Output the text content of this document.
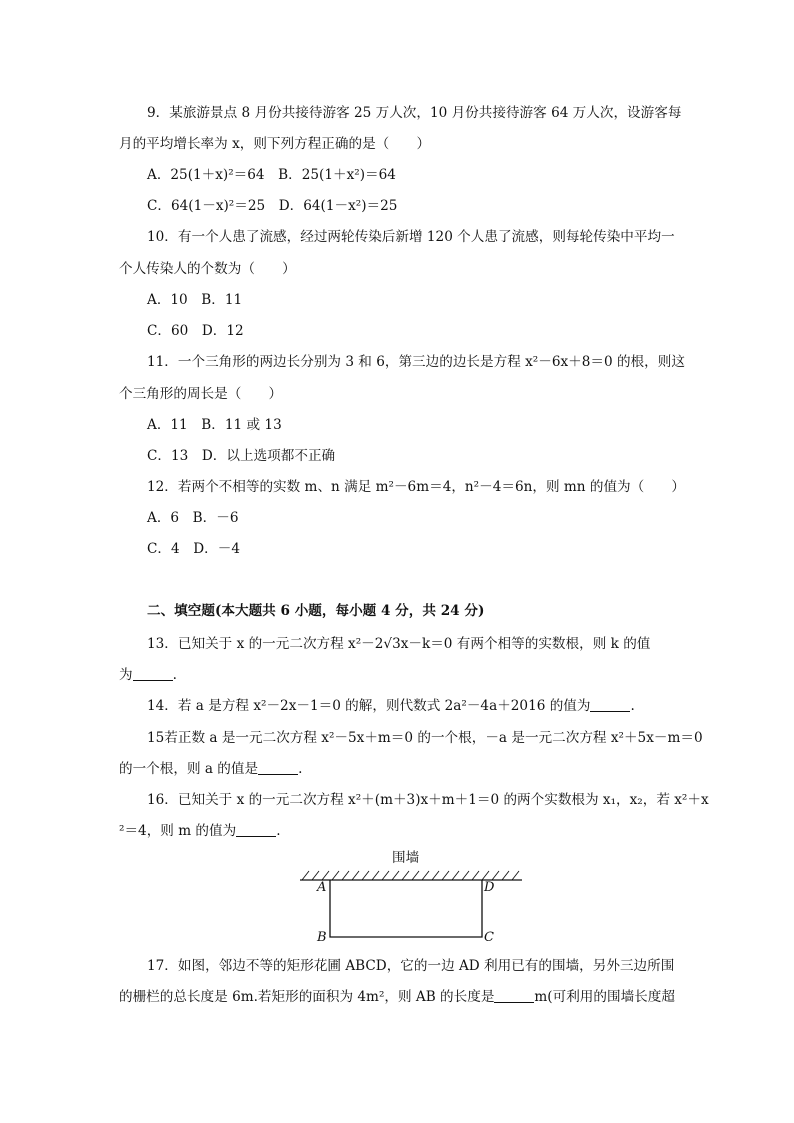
9．某旅游景点 8 月份共接待游客 25 万人次，10 月份共接待游客 64 万人次，设游客每
月的平均增长率为 x，则下列方程正确的是（　　）
A．25(1＋x)²＝64　B．25(1＋x²)＝64
C．64(1－x)²＝25　D．64(1－x²)＝25
10．有一个人患了流感，经过两轮传染后新增 120 个人患了流感，则每轮传染中平均一
个人传染人的个数为（　　）
A．10　B．11
C．60　D．12
11．一个三角形的两边长分别为 3 和 6，第三边的边长是方程 x²－6x＋8＝0 的根，则这
个三角形的周长是（　　）
A．11　B．11 或 13
C．13　D．以上选项都不正确
12．若两个不相等的实数 m、n 满足 m²－6m＝4，n²－4＝6n，则 mn 的值为（　　）
A．6　B．－6
C．4　D．－4
二、填空题(本大题共 6 小题，每小题 4 分，共 24 分)
13．已知关于 x 的一元二次方程 x²－2√3x－k＝0 有两个相等的实数根，则 k 的值
为	.
14．若 a 是方程 x²－2x－1＝0 的解，则代数式 2a²－4a＋2016 的值为	.
15若正数 a 是一元二次方程 x²－5x＋m＝0 的一个根，－a 是一元二次方程 x²＋5x－m＝0
的一个根，则 a 的值是	.
16．已知关于 x 的一元二次方程 x²＋(m＋3)x＋m＋1＝0 的两个实数根为 x₁，x₂，若 x²＋x
²＝4，则 m 的值为	.
围墙
A	D
B	C
17．如图，邻边不等的矩形花圃 ABCD，它的一边 AD 利用已有的围墙，另外三边所围
的栅栏的总长度是 6m.若矩形的面积为 4m²，则 AB 的长度是	m(可利用的围墙长度超
